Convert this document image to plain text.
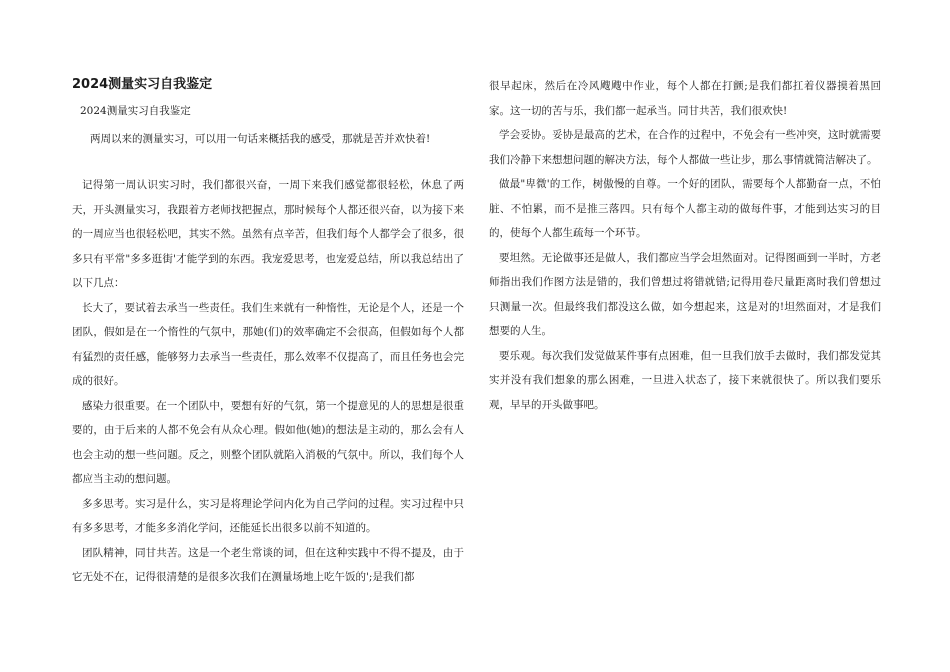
2024测量实习自我鉴定

2024测量实习自我鉴定

两周以来的测量实习，可以用一句话来概括我的感受，那就是苦并欢快着!

记得第一周认识实习时，我们都很兴奋，一周下来我们感觉都很轻松，休息了两天，开头测量实习，我跟着方老师找把握点，那时候每个人都还很兴奋，以为接下来的一周应当也很轻松吧，其实不然。虽然有点辛苦，但我们每个人都学会了很多，很多只有平常"多多逛街'才能学到的东西。我宠爱思考，也宠爱总结，所以我总结出了以下几点：

长大了，要试着去承当一些责任。我们生来就有一种惰性，无论是个人，还是一个团队，假如是在一个惰性的气氛中，那她(们)的效率确定不会很高，但假如每个人都有猛烈的责任感，能够努力去承当一些责任，那么效率不仅提高了，而且任务也会完成的很好。

感染力很重要。在一个团队中，要想有好的气氛，第一个提意见的人的思想是很重要的，由于后来的人都不免会有从众心理。假如他(她)的想法是主动的，那么会有人也会主动的想一些问题。反之，则整个团队就陷入消极的气氛中。所以，我们每个人都应当主动的想问题。

多多思考。实习是什么，实习是将理论学问内化为自己学问的过程。实习过程中只有多多思考，才能多多消化学问，还能延长出很多以前不知道的。

团队精神，同甘共苦。这是一个老生常谈的词，但在这种实践中不得不提及，由于它无处不在，记得很清楚的是很多次我们在测量场地上吃午饭的';是我们都

很早起床，然后在冷风飕飕中作业，每个人都在打颤;是我们都扛着仪器摸着黑回家。这一切的苦与乐，我们都一起承当。同甘共苦，我们很欢快!

学会妥协。妥协是最高的艺术，在合作的过程中，不免会有一些冲突，这时就需要我们冷静下来想想问题的解决方法，每个人都做一些让步，那么事情就简洁解决了。

做最"卑微'的工作，树傲慢的自尊。一个好的团队，需要每个人都勤奋一点，不怕脏、不怕累，而不是推三落四。只有每个人都主动的做每件事，才能到达实习的目的，使每个人都生疏每一个环节。

要坦然。无论做事还是做人，我们都应当学会坦然面对。记得图画到一半时，方老师指出我们作图方法是错的，我们曾想过将错就错;记得用卷尺量距离时我们曾想过只测量一次。但最终我们都没这么做，如今想起来，这是对的!坦然面对，才是我们想要的人生。

要乐观。每次我们发觉做某件事有点困难，但一旦我们放手去做时，我们都发觉其实并没有我们想象的那么困难，一旦进入状态了，接下来就很快了。所以我们要乐观，早早的开头做事吧。
